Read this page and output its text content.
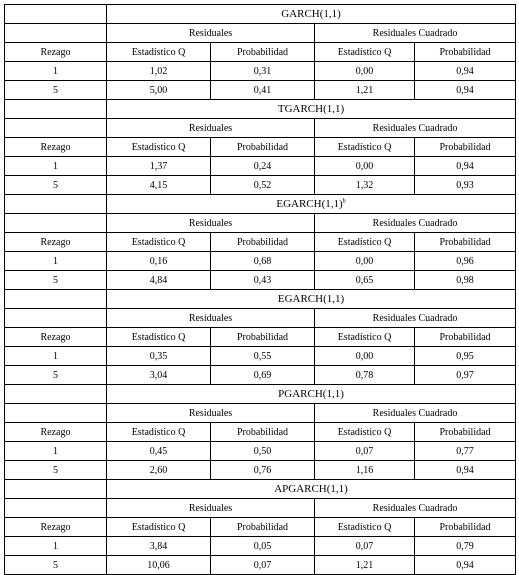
	GARCH(1,1)			
	Residuales		Residuales Cuadrado	
Rezago	Estadístico Q	Probabilidad	Estadístico Q	Probabilidad
1	1,02	0,31	0,00	0,94
5	5,00	0,41	1,21	0,94
	TGARCH(1,1)			
	Residuales		Residuales Cuadrado	
Rezago	Estadístico Q	Probabilidad	Estadístico Q	Probabilidad
1	1,37	0,24	0,00	0,94
5	4,15	0,52	1,32	0,93
	$EGARCH(1,1)^b$
	Residuales		Residuales Cuadrado	
Rezago	Estadístico Q	Probabilidad	Estadístico Q	Probabilidad
1	0,16	0,68	0,00	0,96
5	4,84	0,43	0,65	0,98
	EGARCH(1,1)			
	Residuales		Residuales Cuadrado	
Rezago	Estadístico Q	Probabilidad	Estadístico Q	Probabilidad
1	0,35	0,55	0,00	0,95
5	3,04	0,69	0,78	0,97
	PGARCH(1,1)			
	Residuales		Residuales Cuadrado	
Rezago	Estadístico Q	Probabilidad	Estadístico Q	Probabilidad
1	0,45	0,50	0,07	0,77
5	2,60	0,76	1,16	0,94
	APGARCH(1,1)			
	Residuales		Residuales Cuadrado	
Rezago	Estadístico Q	Probabilidad	Estadístico Q	Probabilidad
1	3,84	0,05	0,07	0,79
5	10,06	0,07	1,21	0,94
